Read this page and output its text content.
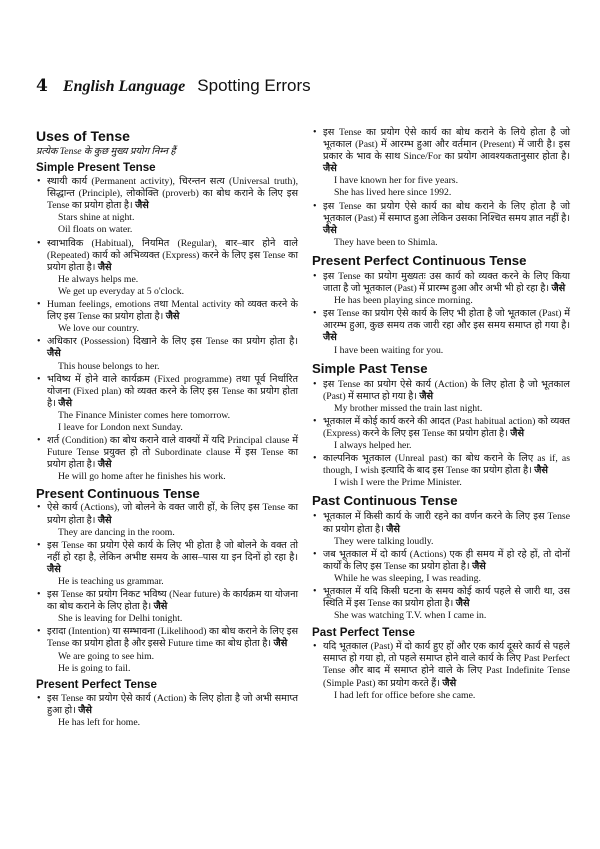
4 English Language Spotting Errors
Uses of Tense

प्रत्येक Tense के कुछ मुख्य प्रयोग निम्न हैं

Simple Present Tense
• स्थायी कार्य (Permanent activity), चिरन्तन सत्य (Universal truth), सिद्धान्त (Principle), लोकोक्ति (proverb) का बोध कराने के लिए इस Tense का प्रयोग होता है। जैसे
Stars shine at night.
Oil floats on water.
• स्वाभाविक (Habitual), नियमित (Regular), बार–बार होने वाले (Repeated) कार्य को अभिव्यक्त (Express) करने के लिए इस Tense का प्रयोग होता है। जैसे
He always helps me.
We get up everyday at 5 o'clock.
• Human feelings, emotions तथा Mental activity को व्यक्त करने के लिए इस Tense का प्रयोग होता है। जैसे
We love our country.
• अधिकार (Possession) दिखाने के लिए इस Tense का प्रयोग होता है। जैसे
This house belongs to her.
• भविष्य में होने वाले कार्यक्रम (Fixed programme) तथा पूर्व निर्धारित योजना (Fixed plan) को व्यक्त करने के लिए इस Tense का प्रयोग होता है। जैसे
The Finance Minister comes here tomorrow.
I leave for London next Sunday.
• शर्त (Condition) का बोध कराने वाले वाक्यों में यदि Principal clause में Future Tense प्रयुक्त हो तो Subordinate clause में इस Tense का प्रयोग होता है। जैसे
He will go home after he finishes his work.
Present Continuous Tense
• ऐसे कार्य (Actions), जो बोलने के वक्त जारी हों, के लिए इस Tense का प्रयोग होता है। जैसे
They are dancing in the room.
• इस Tense का प्रयोग ऐसे कार्य के लिए भी होता है जो बोलने के वक्त तो नहीं हो रहा है, लेकिन अभीष्ट समय के आस–पास या इन दिनों हो रहा है। जैसे
He is teaching us grammar.
• इस Tense का प्रयोग निकट भविष्य (Near future) के कार्यक्रम या योजना का बोध कराने के लिए होता है। जैसे
She is leaving for Delhi tonight.
• इरादा (Intention) या सम्भावना (Likelihood) का बोध कराने के लिए इस Tense का प्रयोग होता है और इससे Future time का बोध होता है। जैसे
We are going to see him.
He is going to fail.
Present Perfect Tense
• इस Tense का प्रयोग ऐसे कार्य (Action) के लिए होता है जो अभी समाप्त हुआ हो। जैसे
He has left for home.
• इस Tense का प्रयोग ऐसे कार्य का बोध कराने के लिये होता है जो भूतकाल (Past) में आरम्भ हुआ और वर्तमान (Present) में जारी है। इस प्रकार के भाव के साथ Since/For का प्रयोग आवश्यकतानुसार होता है। जैसे
I have known her for five years.
She has lived here since 1992.
• इस Tense का प्रयोग ऐसे कार्य का बोध कराने के लिए होता है जो भूतकाल (Past) में समाप्त हुआ लेकिन उसका निश्चित समय ज्ञात नहीं है। जैसे
They have been to Shimla.
Present Perfect Continuous Tense
• इस Tense का प्रयोग मुख्यतः उस कार्य को व्यक्त करने के लिए किया जाता है जो भूतकाल (Past) में प्रारम्भ हुआ और अभी भी हो रहा है। जैसे
He has been playing since morning.
• इस Tense का प्रयोग ऐसे कार्य के लिए भी होता है जो भूतकाल (Past) में आरम्भ हुआ, कुछ समय तक जारी रहा और इस समय समाप्त हो गया है। जैसे
I have been waiting for you.
Simple Past Tense
• इस Tense का प्रयोग ऐसे कार्य (Action) के लिए होता है जो भूतकाल (Past) में समाप्त हो गया है। जैसे
My brother missed the train last night.
• भूतकाल में कोई कार्य करने की आदत (Past habitual action) को व्यक्त (Express) करने के लिए इस Tense का प्रयोग होता है। जैसे
I always helped her.
• काल्पनिक भूतकाल (Unreal past) का बोध कराने के लिए as if, as though, I wish इत्यादि के बाद इस Tense का प्रयोग होता है। जैसे
I wish I were the Prime Minister.
Past Continuous Tense
• भूतकाल में किसी कार्य के जारी रहने का वर्णन करने के लिए इस Tense का प्रयोग होता है। जैसे
They were talking loudly.
• जब भूतकाल में दो कार्य (Actions) एक ही समय में हो रहे हों, तो दोनों कार्यों के लिए इस Tense का प्रयोग होता है। जैसे
While he was sleeping, I was reading.
• भूतकाल में यदि किसी घटना के समय कोई कार्य पहले से जारी था, उस स्थिति में इस Tense का प्रयोग होता है। जैसे
She was watching T.V. when I came in.
Past Perfect Tense
• यदि भूतकाल (Past) में दो कार्य हुए हों और एक कार्य दूसरे कार्य से पहले समाप्त हो गया हो, तो पहले समाप्त होने वाले कार्य के लिए Past Perfect Tense और बाद में समाप्त होने वाले के लिए Past Indefinite Tense (Simple Past) का प्रयोग करते हैं। जैसे
I had left for office before she came.
